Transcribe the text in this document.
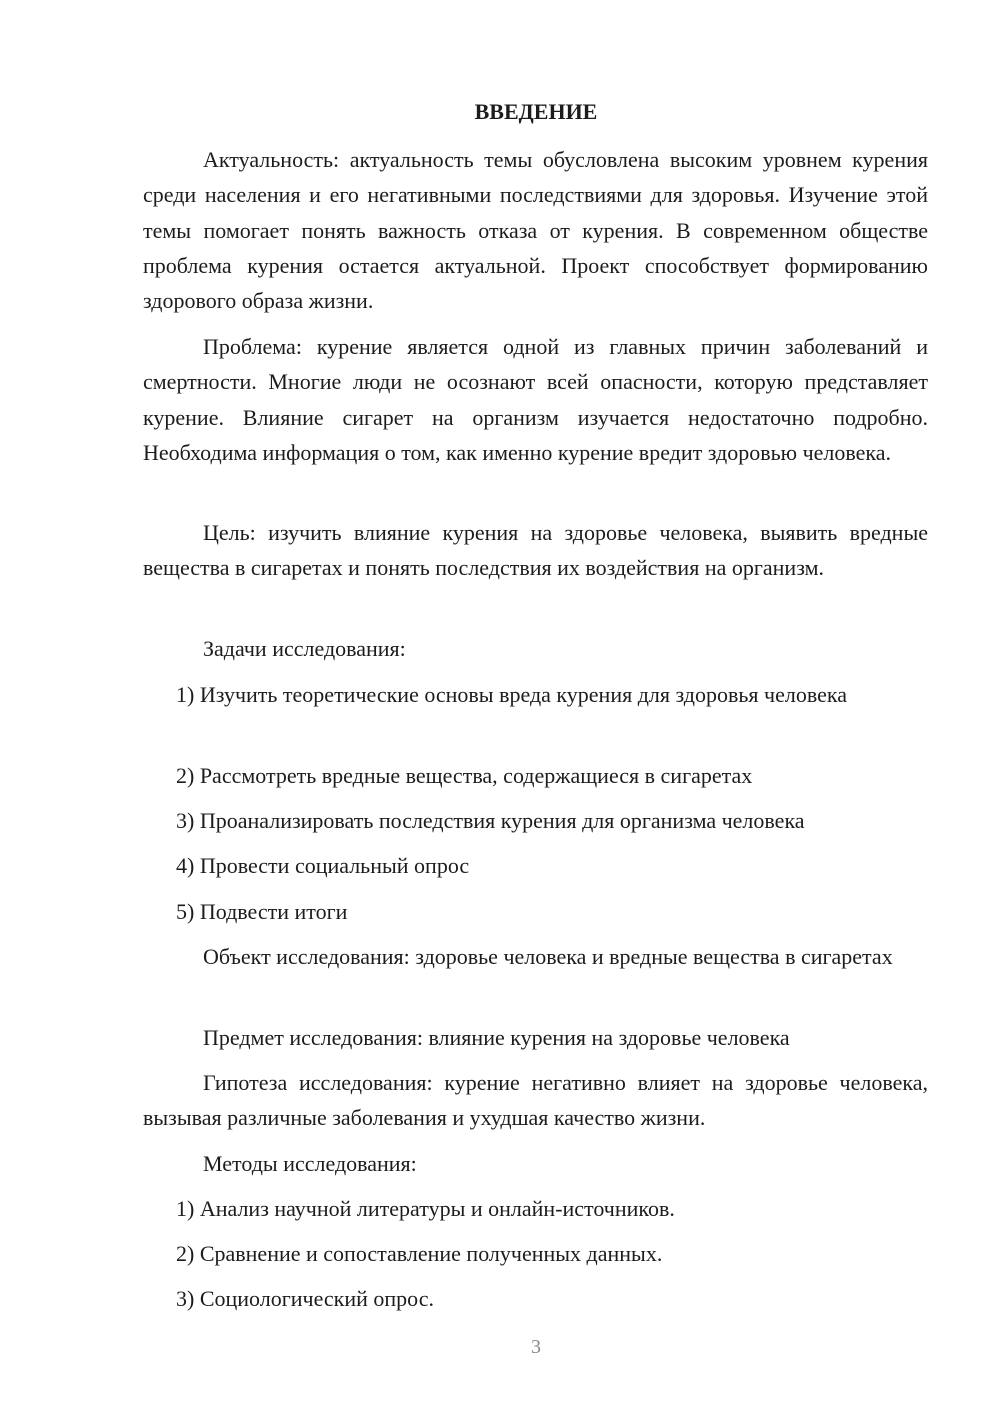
ВВЕДЕНИЕ

Актуальность: актуальность темы обусловлена высоким уровнем курения среди населения и его негативными последствиями для здоровья. Изучение этой темы помогает понять важность отказа от курения. В современном обществе проблема курения остается актуальной. Проект способствует формированию здорового образа жизни.

Проблема: курение является одной из главных причин заболеваний и смертности. Многие люди не осознают всей опасности, которую представляет курение. Влияние сигарет на организм изучается недостаточно подробно. Необходима информация о том, как именно курение вредит здоровью человека.

Цель: изучить влияние курения на здоровье человека, выявить вредные вещества в сигаретах и понять последствия их воздействия на организм.

Задачи исследования:

1) Изучить теоретические основы вреда курения для здоровья человека

2) Рассмотреть вредные вещества, содержащиеся в сигаретах

3) Проанализировать последствия курения для организма человека

4) Провести социальный опрос

5) Подвести итоги

Объект исследования: здоровье человека и вредные вещества в сигаретах

Предмет исследования: влияние курения на здоровье человека

Гипотеза исследования: курение негативно влияет на здоровье человека, вызывая различные заболевания и ухудшая качество жизни.

Методы исследования:

1) Анализ научной литературы и онлайн-источников.

2) Сравнение и сопоставление полученных данных.

3) Социологический опрос.

3
